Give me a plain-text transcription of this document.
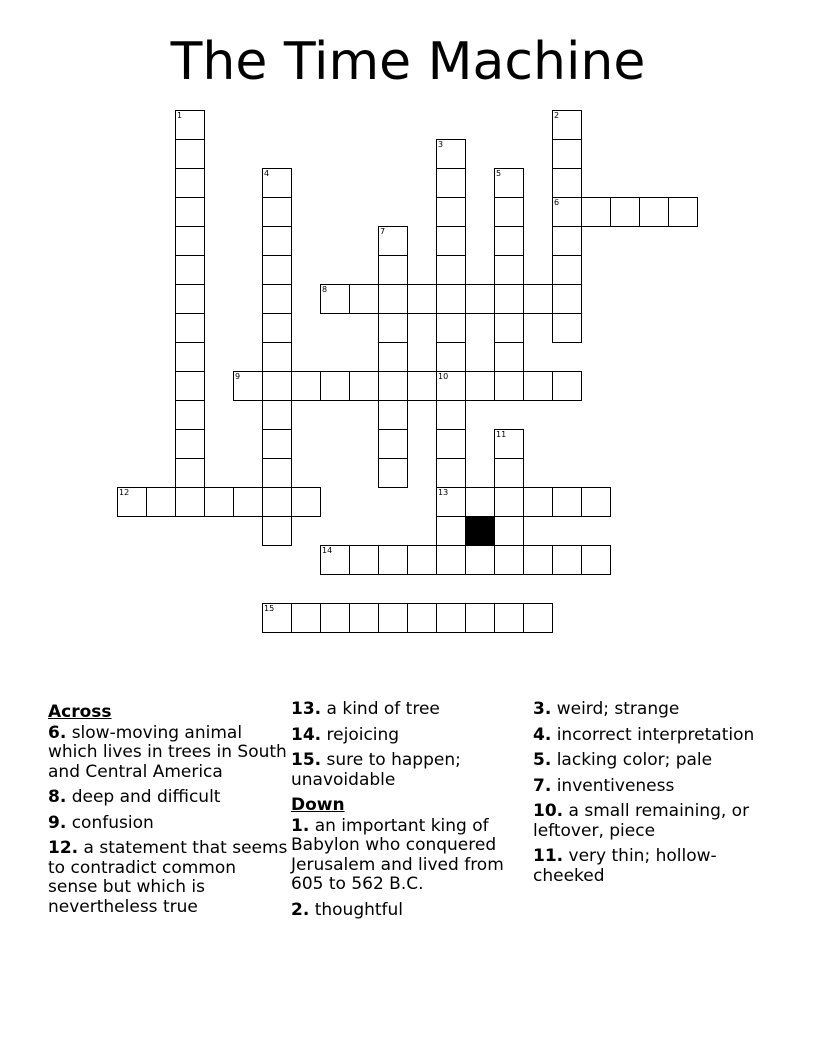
The Time Machine
1	2
3
4	5
6
7
8
9	10
13
11
12
14
15
Across
6. slow-moving animal which lives in trees in South and Central America
8. deep and difficult
9. confusion
12. a statement that seems to contradict common sense but which is nevertheless true
13. a kind of tree
14. rejoicing
15. sure to happen; unavoidable
Down
1. an important king of Babylon who conquered Jerusalem and lived from 605 to 562 B.C.
2. thoughtful
3. weird; strange
4. incorrect interpretation
5. lacking color; pale
7. inventiveness
10. a small remaining, or leftover, piece
11. very thin; hollow-cheeked
